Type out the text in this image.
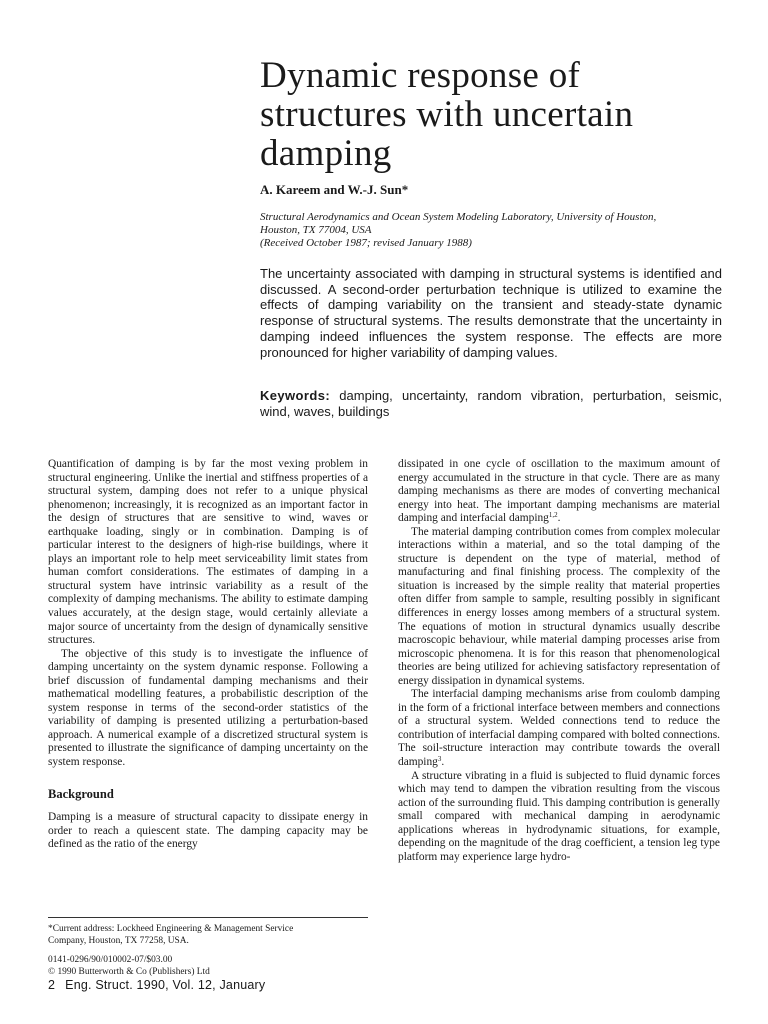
Dynamic response of
structures with uncertain
damping
A. Kareem and W.-J. Sun*
Structural Aerodynamics and Ocean System Modeling Laboratory, University of Houston,
Houston, TX 77004, USA
(Received October 1987; revised January 1988)

The uncertainty associated with damping in structural systems is identified and discussed. A second-order perturbation technique is utilized to examine the effects of damping variability on the transient and steady-state dynamic response of structural systems. The results demonstrate that the uncertainty in damping indeed influences the system response. The effects are more pronounced for higher variability of damping values.

Keywords: damping, uncertainty, random vibration, perturbation, seismic, wind, waves, buildings

Quantification of damping is by far the most vexing problem in structural engineering. Unlike the inertial and stiffness properties of a structural system, damping does not refer to a unique physical phenomenon; increasingly, it is recognized as an important factor in the design of structures that are sensitive to wind, waves or earthquake loading, singly or in combination. Damping is of particular interest to the designers of high-rise buildings, where it plays an important role to help meet serviceability limit states from human comfort considerations. The estimates of damping in a structural system have intrinsic variability as a result of the complexity of damping mechanisms. The ability to estimate damping values accurately, at the design stage, would certainly alleviate a major source of uncertainty from the design of dynamically sensitive structures.

The objective of this study is to investigate the influence of damping uncertainty on the system dynamic response. Following a brief discussion of fundamental damping mechanisms and their mathematical modelling features, a probabilistic description of the system response in terms of the second-order statistics of the variability of damping is presented utilizing a perturbation-based approach. A numerical example of a discretized structural system is presented to illustrate the significance of damping uncertainty on the system response.

Background

Damping is a measure of structural capacity to dissipate energy in order to reach a quiescent state. The damping capacity may be defined as the ratio of the energy

dissipated in one cycle of oscillation to the maximum amount of energy accumulated in the structure in that cycle. There are as many damping mechanisms as there are modes of converting mechanical energy into heat. The important damping mechanisms are material damping and interfacial damping$^{1,2}$.

The material damping contribution comes from complex molecular interactions within a material, and so the total damping of the structure is dependent on the type of material, method of manufacturing and final finishing process. The complexity of the situation is increased by the simple reality that material properties often differ from sample to sample, resulting possibly in significant differences in energy losses among members of a structural system. The equations of motion in structural dynamics usually describe macroscopic behaviour, while material damping processes arise from microscopic phenomena. It is for this reason that phenomenological theories are being utilized for achieving satisfactory representation of energy dissipation in dynamical systems.

The interfacial damping mechanisms arise from coulomb damping in the form of a frictional interface between members and connections of a structural system. Welded connections tend to reduce the contribution of interfacial damping compared with bolted connections. The soil-structure interaction may contribute towards the overall damping$^3$.

A structure vibrating in a fluid is subjected to fluid dynamic forces which may tend to dampen the vibration resulting from the viscous action of the surrounding fluid. This damping contribution is generally small compared with mechanical damping in aerodynamic applications whereas in hydrodynamic situations, for example, depending on the magnitude of the drag coefficient, a tension leg type platform may experience large hydro-

*Current address: Lockheed Engineering & Management Service
Company, Houston, TX 77258, USA.
0141-0296/90/010002-07/$03.00
© 1990 Butterworth & Co (Publishers) Ltd
2 Eng. Struct. 1990, Vol. 12, January
